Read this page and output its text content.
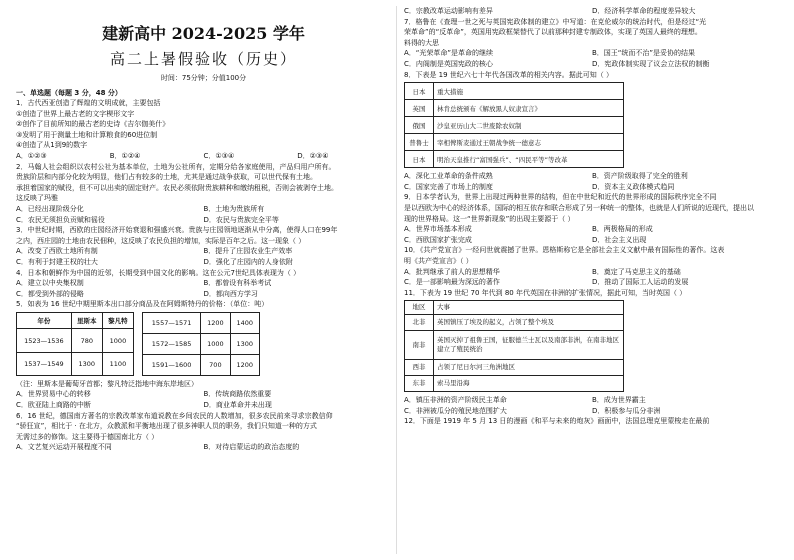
建新高中 2024-2025 学年
高二上暑假验收（历史）
时间：75分钟；分值100分
一、单选题（每题 3 分，48 分）
1．古代西亚创造了辉煌的文明成就，主要包括
①创造了世界上最古老的文字楔形文字
②创作了目前所知的最古老的史诗《吉尔伽美什》
③发明了用于测量土地和计算粮食的60进位制
④创造了从1到9的数字
A．①②③	B．①②④	C．①③④	D．②③④
2．马翰人社会组织以农村公社为基本单位，土地为公社所有，定期分给各家庭使用，产品归用户所有。
贵族阶层和内部分化较为明显，他们占有较多的土地，尤其是通过战争获取，可以世代保有土地。
承担着国家的赋役，但不可以出卖的固定财产。农民必须依附贵族耕种和缴纳租税，否则会被剥夺土地。
这反映了玛雅
A．已经出现阶级分化	B．土地为贵族所有
C．农民无须担负贡赋和徭役	D．农民与贵族完全平等
3．中世纪时期，西欧的庄园经济开始衰退和强盛兴衰。贵族与庄园领地逐渐从中分离，使得人口在99年
之内，西庄园的土地由农民佃种，这反映了农民负担的增加，实际是百年之后。这一现象（ ）
A．改变了西欧土地所有制	B．提升了庄园农业生产效率
C．有利于封建王权的壮大	D．强化了庄园内的人身依附
4．日本和朝鲜作为中国的近邻，长期受到中国文化的影响。这在公元7世纪具体表现为（ ）
A．建立以中央集权制	B．都曾设有科举考试
C．都受到外部的侵略	D．都向西方学习
5．如表为 16 世纪中期里斯本出口部分商品及在阿姆斯特丹的价格：（单位：吨）
年份	里斯本	黎凡特
1523—1536	780	1000
1537—1549	1300	1100
1557—1571	1200	1400
1572—1585	1000	1300
1591—1600	700	1200
（注：里斯本是葡萄牙首都；黎凡特泛指地中海东岸地区）
A．世界贸易中心的转移	B．传统商路依然重要
C．欧亚陆上商路的中断	D．商业革命并未出现
6．16 世纪，德国南方著名的宗教改革家布道说教在乡间农民的人数增加，很多农民前来寻求宗教信仰
“骄狂宣”，相比于 · 在北方，众教派和平衡地出现了很多神职人员的职务，我们只知道一种的方式
无需过多的修饰。这主要得于德国南北方（ ）
A．文艺复兴运动开展程度不同	B．对待启蒙运动的政治态度的
C．宗教改革运动影响有差异	D．经济科学革命的程度差异较大
7．格鲁在《查理一世之死与英国宪政体制的建立》中写道：在克伦威尔的统治时代，但是经过“光
荣革命”的“反革命”，英国用宪政框架替代了以前那种封建专制政体，实现了英国人最终的理想。
料得的大思
A．“光荣革命”是革命的继续	B．国王“统而不治”是妥协的结果
C．内阁制是英国宪政的核心	D．宪政体制实现了议会立法权的制衡
8．下表是 19 世纪六七十年代各国改革的相关内容。据此可知（ ）
日本	重大措施
英国	林肯总统颁布《解放黑人奴隶宣言》
俄国	沙皇亚历山大二世废除农奴制
普鲁士	宰相俾斯麦通过王朝战争统一德意志
日本	明治天皇推行“富国强兵”、“四民平等”等改革
A．深化工业革命的条件成熟	B．资产阶级取得了完全的胜利
C．国家完善了市场上的制度	D．资本主义政体模式趋同
9．日本学者认为，世界上出现过两种世界的结构，但在中世纪和近代的世界形成的国际秩序完全不同
是以西欧为中心的经济体系，国际的相互依存和联合形成了另一种统一的整体，也就是人们所说的近现代，提出以
现的世界格局。这一“世界新现象”的出现主要源于（ ）
A．世界市场基本形成	B．两极格局的形成
C．西欧国家扩张完成	D．社会主义出现
10．《共产党宣言》一经问世就震撼了世界。恩格斯称它是全部社会主义文献中最有国际性的著作。这表
明《共产党宣言》（ ）
A．批判继承了前人的思想精华	B．奠定了马克思主义的基础
C．是一部影响最为深远的著作	D．推动了国际工人运动的发展
11．下表为 19 世纪 70 年代到 80 年代英国在非洲的扩张情况，据此可知，当时英国（ ）
地区	大事
北非	英国镇压了埃及的起义，占领了整个埃及
南非	英国灭掉了祖鲁王国，征服德兰士瓦以及南部非洲，在南非地区建立了殖民统治
西非	占领了尼日尔河三角洲地区
东非	索马里沿海
A．镇压非洲的资产阶级民主革命	B．成为世界霸主
C．非洲被瓜分的殖民地范围扩大	D．积极参与瓜分非洲
12．下面是 1919 年 5 月 13 日的漫画《和平与未来的炮灰》画面中，法国总理克里蒙梭走在最前
